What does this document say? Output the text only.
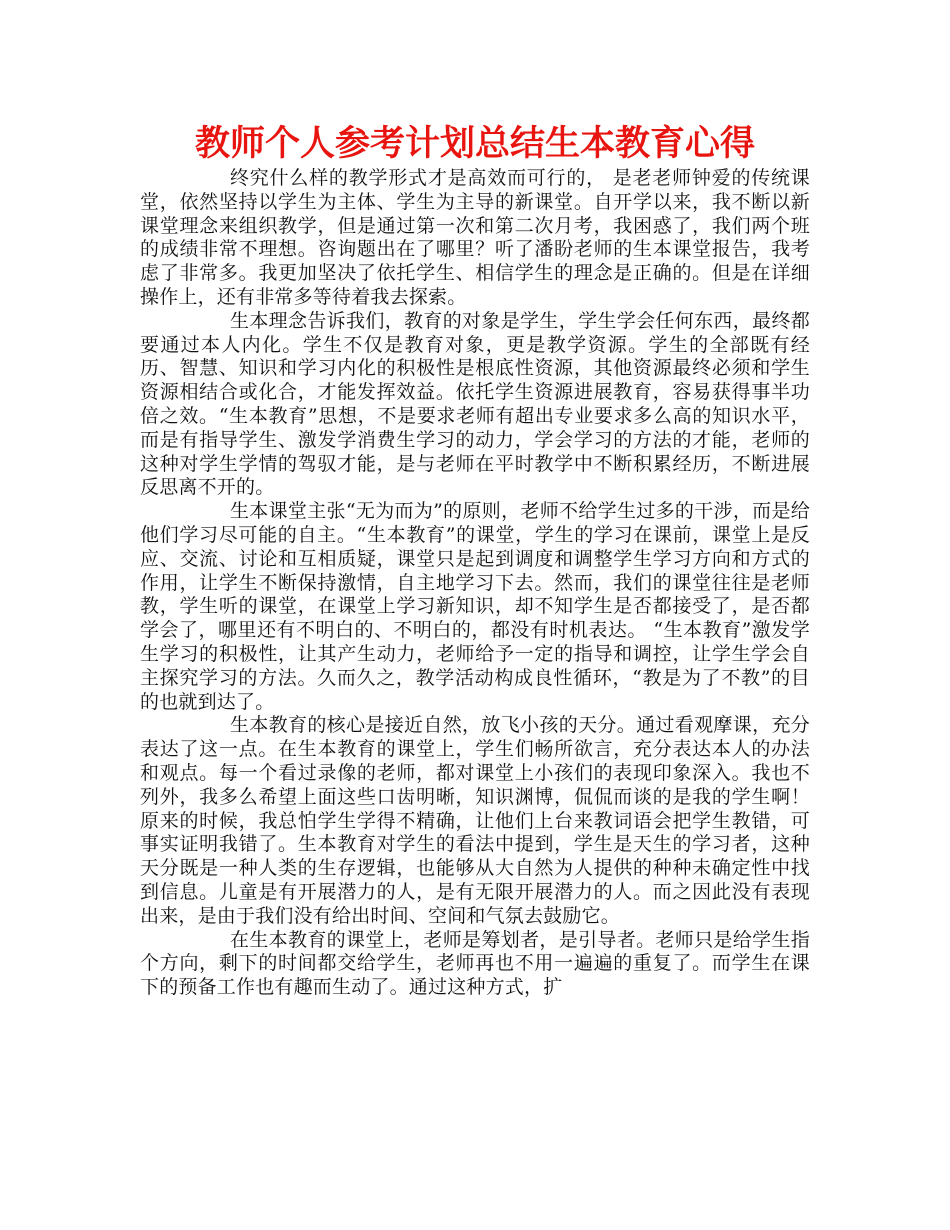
教师个人参考计划总结生本教育心得

终究什么样的教学形式才是高效而可行的， 是老老师钟爱的传统课堂，依然坚持以学生为主体、学生为主导的新课堂。自开学以来，我不断以新课堂理念来组织教学，但是通过第一次和第二次月考，我困惑了，我们两个班的成绩非常不理想。咨询题出在了哪里？听了潘盼老师的生本课堂报告，我考虑了非常多。我更加坚决了依托学生、相信学生的理念是正确的。但是在详细操作上，还有非常多等待着我去探索。

生本理念告诉我们，教育的对象是学生，学生学会任何东西，最终都要通过本人内化。学生不仅是教育对象，更是教学资源。学生的全部既有经历、智慧、知识和学习内化的积极性是根底性资源，其他资源最终必须和学生资源相结合或化合，才能发挥效益。依托学生资源进展教育，容易获得事半功倍之效。“生本教育”思想，不是要求老师有超出专业要求多么高的知识水平，而是有指导学生、激发学消费生学习的动力，学会学习的方法的才能，老师的这种对学生学情的驾驭才能，是与老师在平时教学中不断积累经历，不断进展反思离不开的。

生本课堂主张“无为而为”的原则，老师不给学生过多的干涉，而是给他们学习尽可能的自主。“生本教育”的课堂，学生的学习在课前，课堂上是反应、交流、讨论和互相质疑，课堂只是起到调度和调整学生学习方向和方式的作用，让学生不断保持激情，自主地学习下去。然而，我们的课堂往往是老师教，学生听的课堂，在课堂上学习新知识，却不知学生是否都接受了，是否都学会了，哪里还有不明白的、不明白的，都没有时机表达。 “生本教育”激发学生学习的积极性，让其产生动力，老师给予一定的指导和调控，让学生学会自主探究学习的方法。久而久之，教学活动构成良性循环，“教是为了不教”的目的也就到达了。

生本教育的核心是接近自然，放飞小孩的天分。通过看观摩课，充分表达了这一点。在生本教育的课堂上，学生们畅所欲言，充分表达本人的办法和观点。每一个看过录像的老师，都对课堂上小孩们的表现印象深入。我也不列外，我多么希望上面这些口齿明晰，知识渊博，侃侃而谈的是我的学生啊！ 原来的时候，我总怕学生学得不精确，让他们上台来教词语会把学生教错，可事实证明我错了。生本教育对学生的看法中提到，学生是天生的学习者，这种天分既是一种人类的生存逻辑，也能够从大自然为人提供的种种未确定性中找到信息。儿童是有开展潜力的人，是有无限开展潜力的人。而之因此没有表现出来，是由于我们没有给出时间、空间和气氛去鼓励它。

在生本教育的课堂上，老师是筹划者，是引导者。老师只是给学生指个方向，剩下的时间都交给学生，老师再也不用一遍遍的重复了。而学生在课下的预备工作也有趣而生动了。通过这种方式，扩
